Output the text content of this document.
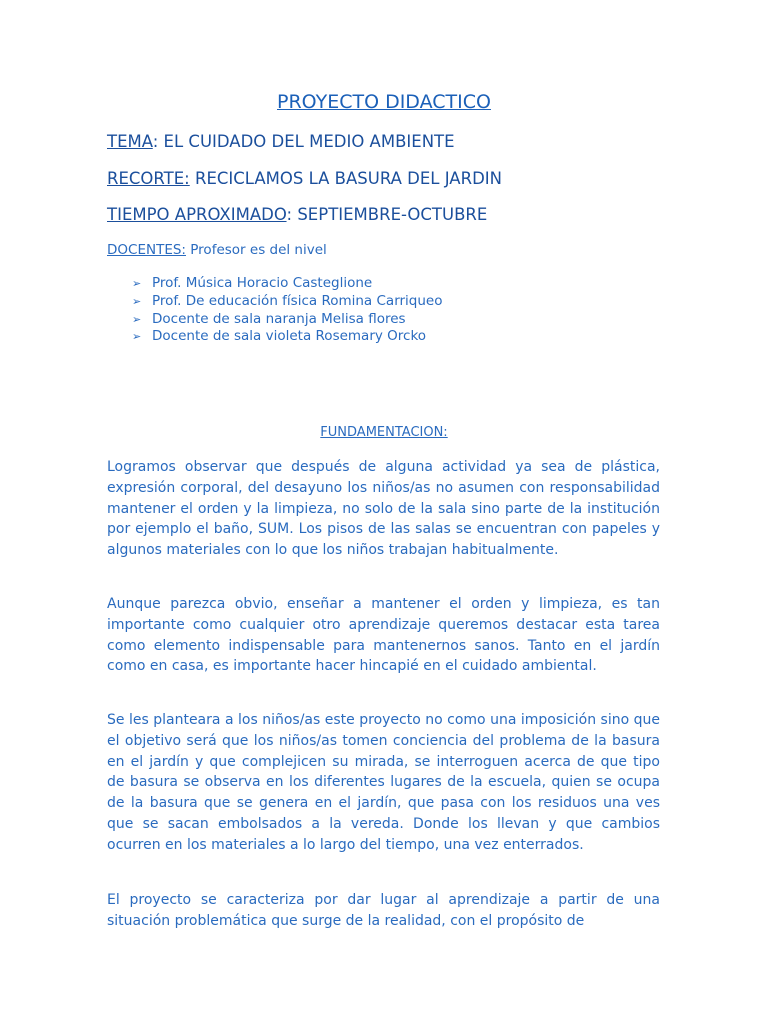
PROYECTO DIDACTICO
TEMA: EL CUIDADO DEL MEDIO AMBIENTE
RECORTE: RECICLAMOS LA BASURA DEL JARDIN
TIEMPO APROXIMADO: SEPTIEMBRE-OCTUBRE
DOCENTES: Profesor es del nivel
➢ Prof. Música Horacio Casteglione
➢ Prof. De educación física Romina Carriqueo
➢ Docente de sala naranja Melisa flores
➢ Docente de sala violeta Rosemary Orcko
FUNDAMENTACION:

Logramos observar que después de alguna actividad ya sea de plástica, expresión corporal, del desayuno los niños/as no asumen con responsabilidad mantener el orden y la limpieza, no solo de la sala sino parte de la institución por ejemplo el baño, SUM. Los pisos de las salas se encuentran con papeles y algunos materiales con lo que los niños trabajan habitualmente.

Aunque parezca obvio, enseñar a mantener el orden y limpieza, es tan importante como cualquier otro aprendizaje queremos destacar esta tarea como elemento indispensable para mantenernos sanos. Tanto en el jardín como en casa, es importante hacer hincapié en el cuidado ambiental.

Se les planteara a los niños/as este proyecto no como una imposición sino que el objetivo será que los niños/as tomen conciencia del problema de la basura en el jardín y que complejicen su mirada, se interroguen acerca de que tipo de basura se observa en los diferentes lugares de la escuela, quien se ocupa de la basura que se genera en el jardín, que pasa con los residuos una ves que se sacan embolsados a la vereda. Donde los llevan y que cambios ocurren en los materiales a lo largo del tiempo, una vez enterrados.

El proyecto se caracteriza por dar lugar al aprendizaje a partir de una situación problemática que surge de la realidad, con el propósito de
